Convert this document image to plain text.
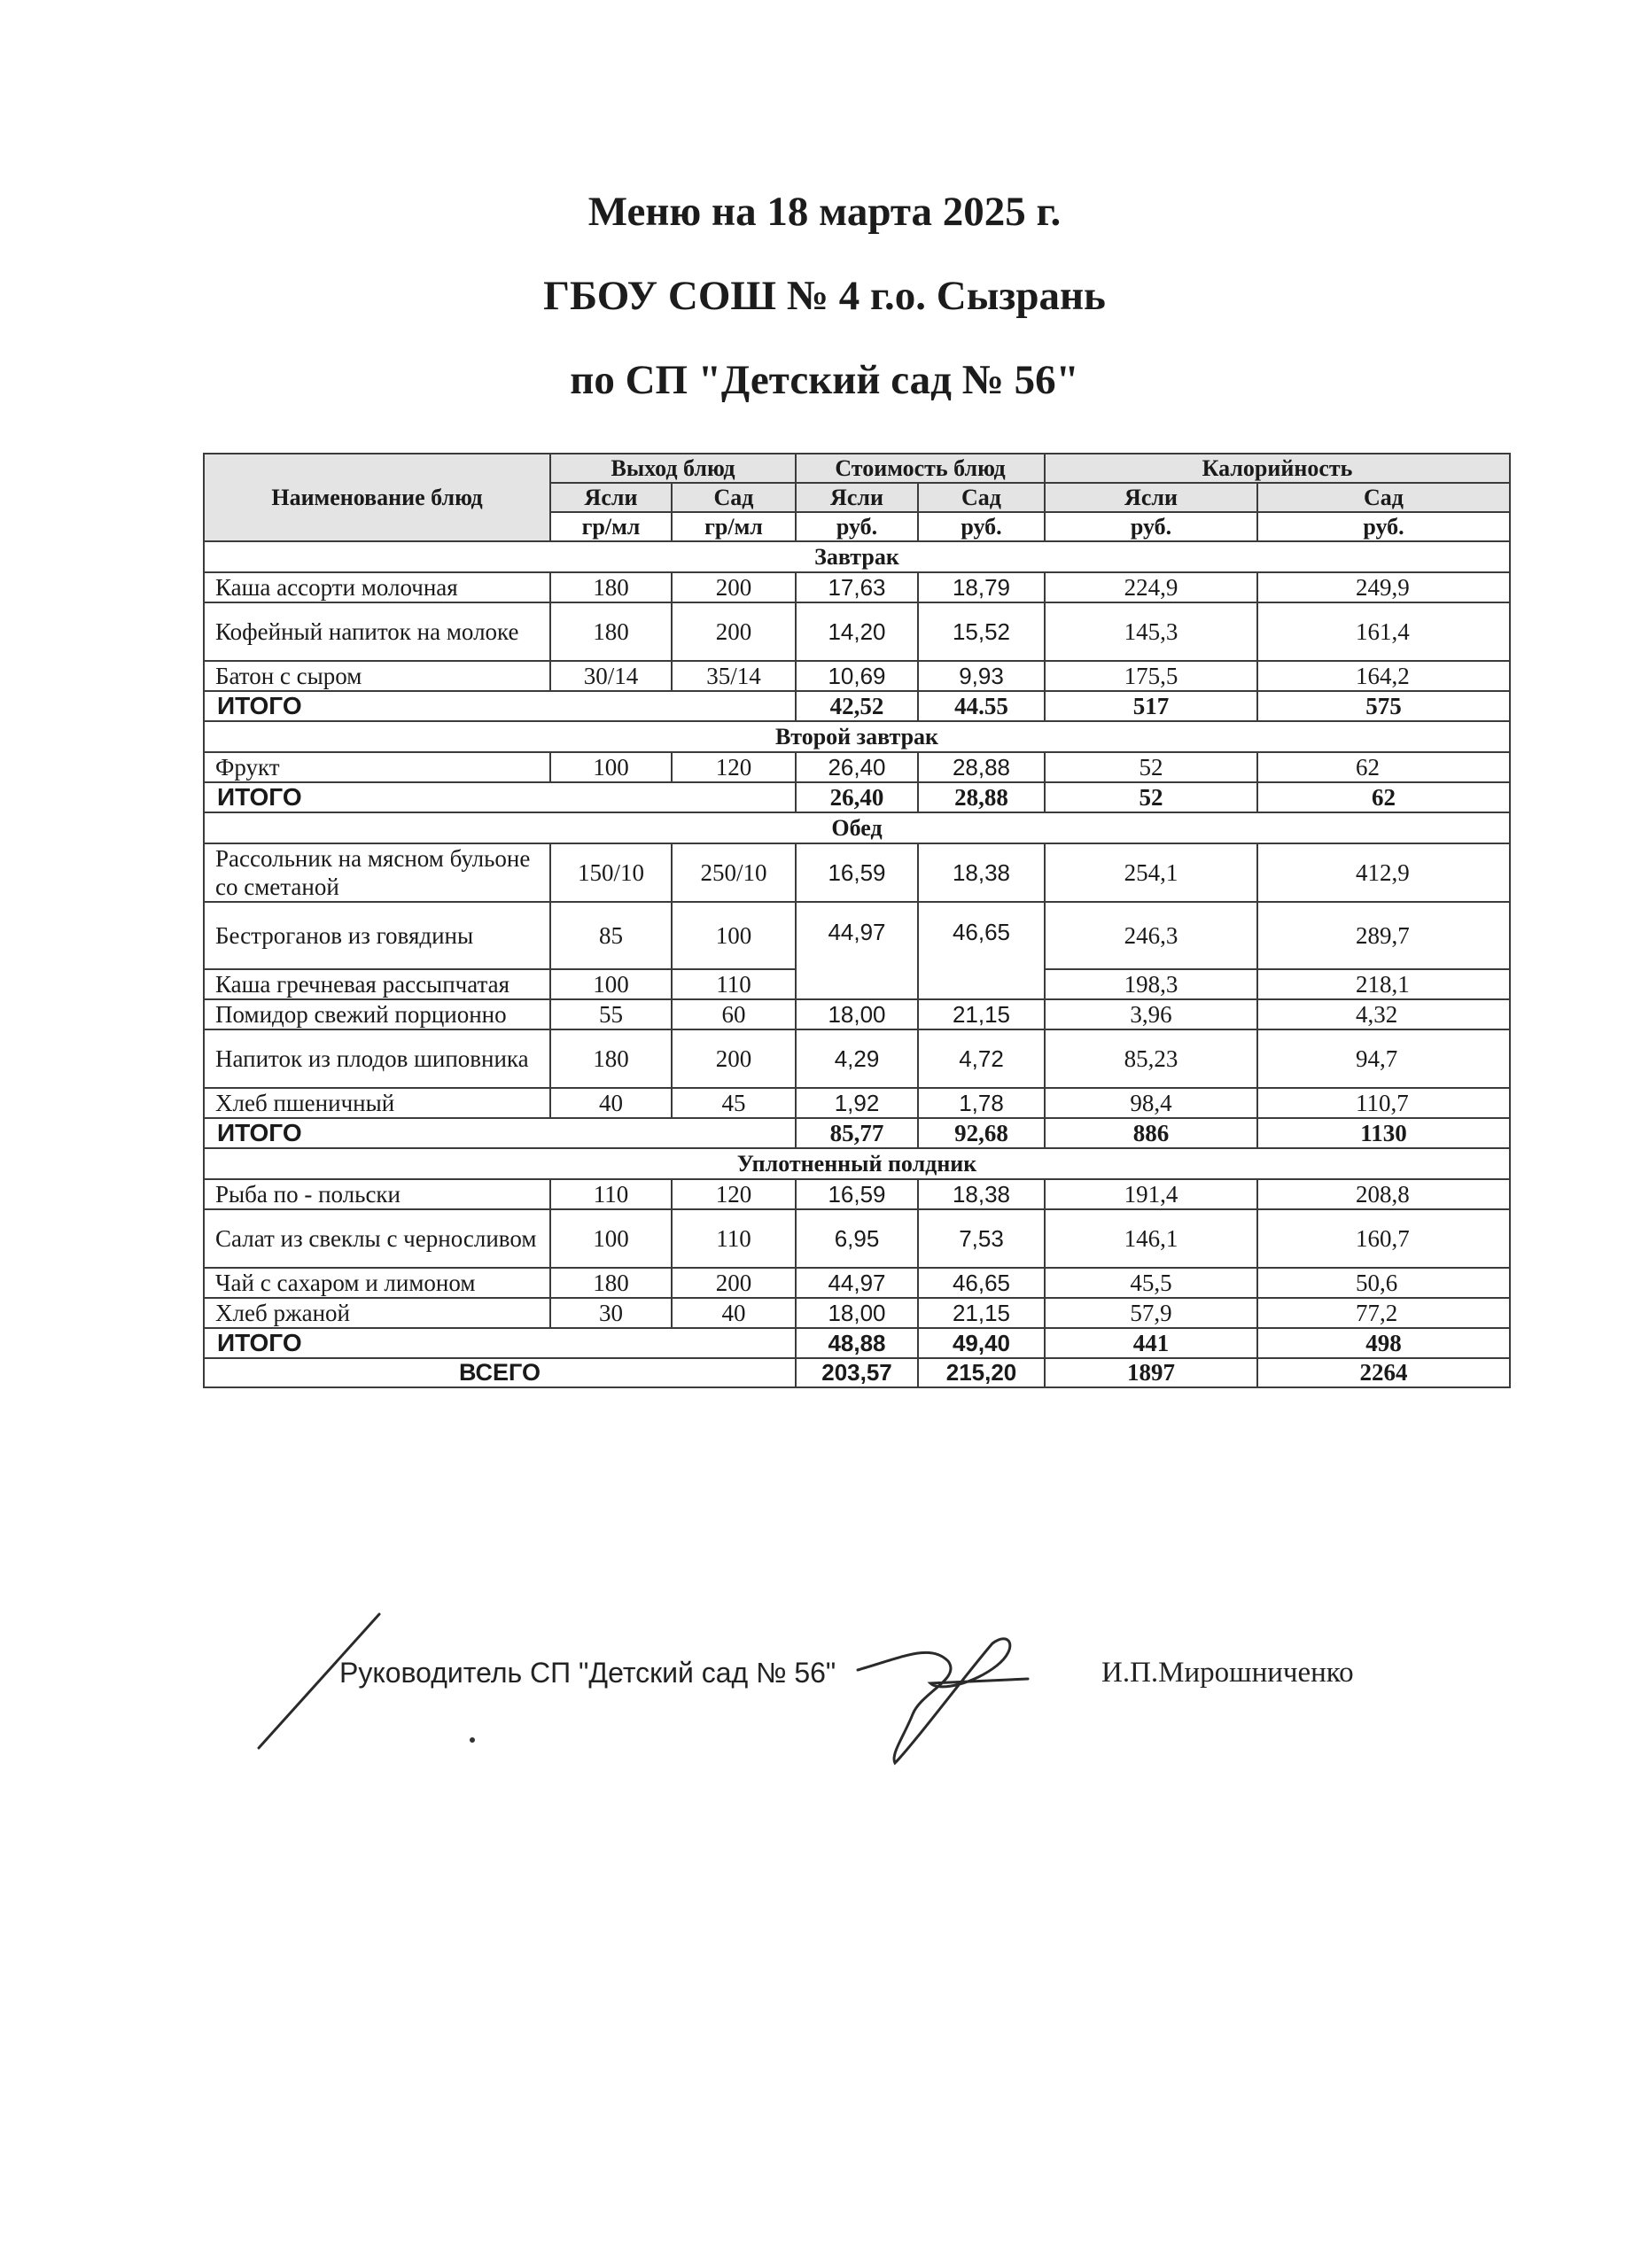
Меню на 18 марта 2025 г.
ГБОУ СОШ № 4 г.о. Сызрань
по СП "Детский сад № 56"
Наименование блюд	Выход блюд		Стоимость блюд		Калорийность	
	Ясли	Сад	Ясли	Сад	Ясли	Сад
	гр/мл	гр/мл	руб.	руб.	руб.	руб.
Завтрак						
Каша ассорти молочная	180	200	17,63	18,79	224,9	249,9
Кофейный напиток на молоке	180	200	14,20	15,52	145,3	161,4
Батон с сыром	30/14	35/14	10,69	9,93	175,5	164,2
ИТОГО			42,52	44.55	517	575
Второй завтрак						
Фрукт	100	120	26,40	28,88	52	62
ИТОГО			26,40	28,88	52	62
Обед						
Рассольник на мясном бульоне со сметаной	150/10	250/10	16,59	18,38	254,1	412,9
Бестроганов из говядины	85	100	44,97	46,65	246,3	289,7
Каша гречневая рассыпчатая	100	110			198,3	218,1
Помидор свежий порционно	55	60	18,00	21,15	3,96	4,32
Напиток из плодов шиповника	180	200	4,29	4,72	85,23	94,7
Хлеб пшеничный	40	45	1,92	1,78	98,4	110,7
ИТОГО			85,77	92,68	886	1130
Уплотненный полдник						
Рыба по - польски	110	120	16,59	18,38	191,4	208,8
Салат из свеклы с черносливом	100	110	6,95	7,53	146,1	160,7
Чай с сахаром и лимоном	180	200	44,97	46,65	45,5	50,6
Хлеб ржаной	30	40	18,00	21,15	57,9	77,2
ИТОГО			48,88	49,40	441	498
ВСЕГО			203,57	215,20	1897	2264
Руководитель СП "Детский сад № 56"	И.П.Мирошниченко
